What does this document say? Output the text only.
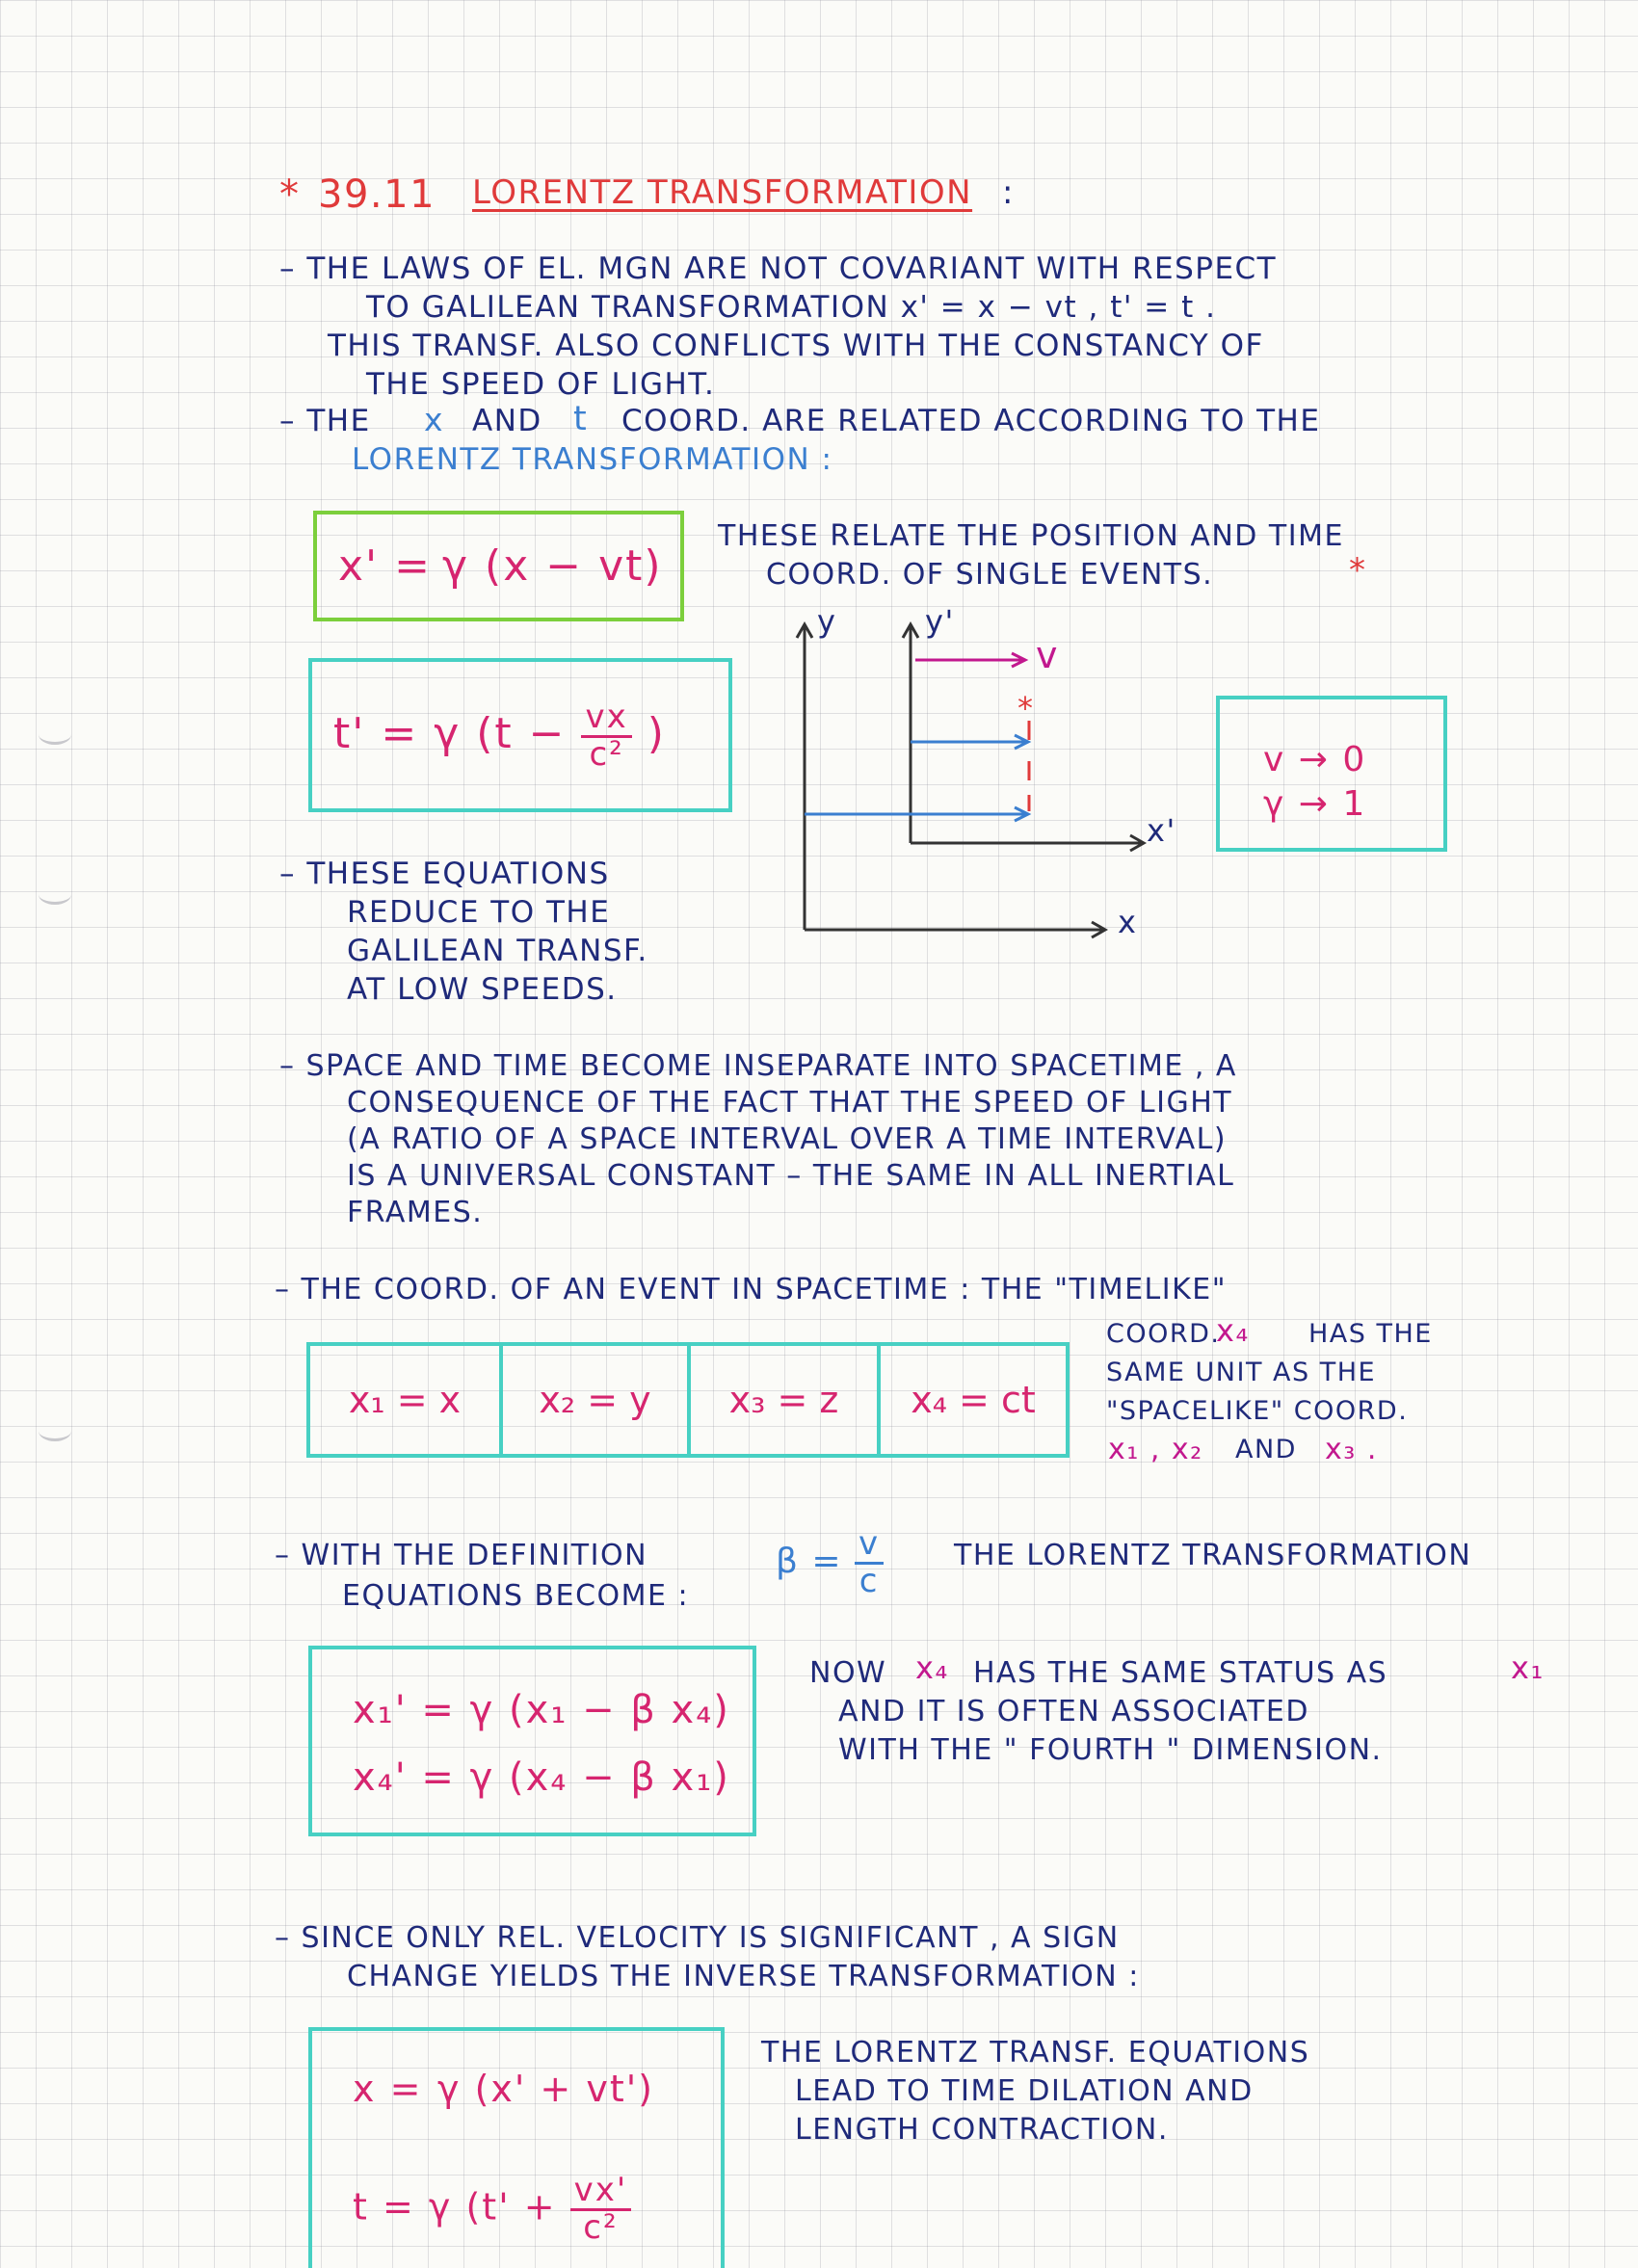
* 39.11 LORENTZ TRANSFORMATION :
– THE LAWS OF EL. MGN ARE NOT COVARIANT WITH RESPECT
TO GALILEAN TRANSFORMATION x' = x − vt , t' = t .
THIS TRANSF. ALSO CONFLICTS WITH THE CONSTANCY OF
THE SPEED OF LIGHT.
– THE x AND t COORD. ARE RELATED ACCORDING TO THE
LORENTZ TRANSFORMATION :
x' = γ (x − vt)
t' = γ ($t - \frac{vx}{\text{c²}}$ )
THESE RELATE THE POSITION AND TIME
COORD. OF SINGLE EVENTS.	*
y	y'
x
x'
v
*
v → 0
γ → 1
– THESE EQUATIONS
REDUCE TO THE
GALILEAN TRANSF.
AT LOW SPEEDS.
– SPACE AND TIME BECOME INSEPARATE INTO SPACETIME , A
CONSEQUENCE OF THE FACT THAT THE SPEED OF LIGHT
(A RATIO OF A SPACE INTERVAL OVER A TIME INTERVAL)
IS A UNIVERSAL CONSTANT – THE SAME IN ALL INERTIAL
FRAMES.
– THE COORD. OF AN EVENT IN SPACETIME : THE "TIMELIKE"
x₁ = x	x₂ = y	x₃ = z	x₄ = ct
COORD.
x₄ HAS THE
SAME UNIT AS THE
"SPACELIKE" COORD.
x₁ , x₂ AND x₃ .
– WITH THE DEFINITION	$\beta = \frac{v}{c}$ THE LORENTZ TRANSFORMATION
EQUATIONS BECOME :
x₁' = γ (x₁ − β x₄)
x₄' = γ (x₄ − β x₁)
NOW x₄ HAS THE SAME STATUS AS	x₁
AND IT IS OFTEN ASSOCIATED
WITH THE " FOURTH " DIMENSION.
– SINCE ONLY REL. VELOCITY IS SIGNIFICANT , A SIGN
CHANGE YIELDS THE INVERSE TRANSFORMATION :
x = γ (x' + vt')
t = γ ($t' + \frac{vx'}{\text{c²}}$
THE LORENTZ TRANSF. EQUATIONS
LEAD TO TIME DILATION AND
LENGTH CONTRACTION.
